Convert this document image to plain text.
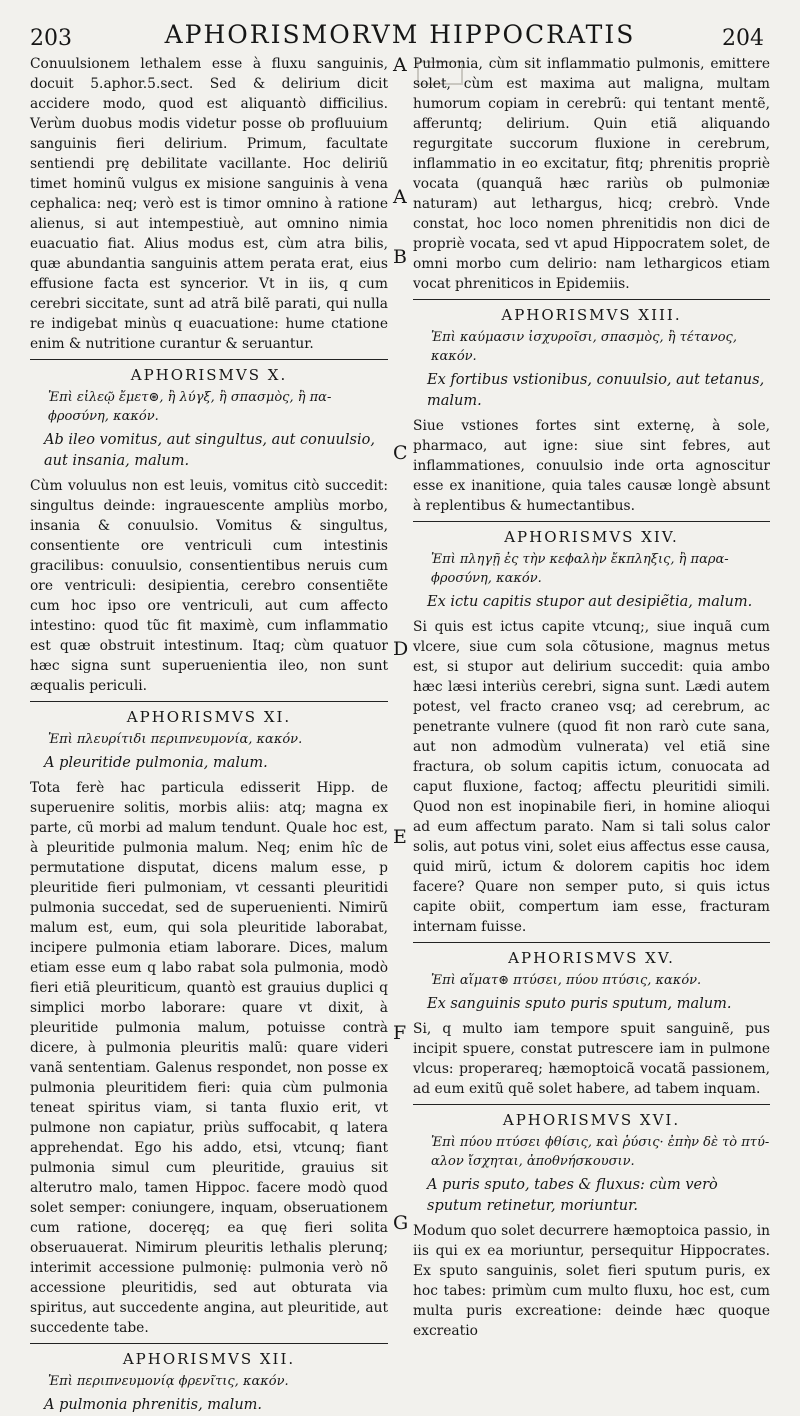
203	APHORISMORVM HIPPOCRATIS	204

Conuulsionem lethalem esse à fluxu sanguinis, docuit 5.aphor.5.sect. Sed & delirium dicit accidere modo, quod est aliquantò difficilius. Verùm duobus modis videtur posse ob profluuium sanguinis fieri delirium. Primum, facultate sentiendi prę debilitate vacillante. Hoc deliriũ timet hominũ vulgus ex misione sanguinis à vena cephalica: neq; verò est is timor omnino à ratione alienus, si aut intempestiuè, aut omnino nimia euacuatio fiat. Alius modus est, cùm atra bilis, quæ abundantia sanguinis attem perata erat, eius effusione facta est syncerior. Vt in iis, q cum cerebri siccitate, sunt ad atrã bilẽ parati, qui nulla re indigebat minùs q euacuatione: hume ctatione enim & nutritione curantur & seruantur.

APHORISMVS X.
Ἐπὶ εἰλεῷ ἔμετ⊛, ἢ λύγξ, ἢ σπασμὸς, ἢ πα- ϕροσύνη, κακόν.
Ab ileo vomitus, aut singultus, aut conuulsio, aut insania, malum.

Cùm voluulus non est leuis, vomitus citò succedit: singultus deinde: ingrauescente ampliùs morbo, insania & conuulsio. Vomitus & singultus, consentiente ore ventriculi cum intestinis gracilibus: conuulsio, consentientibus neruis cum ore ventriculi: desipientia, cerebro consentiẽte cum hoc ipso ore ventriculi, aut cum affecto intestino: quod tũc fit maximè, cum inflammatio est quæ obstruit intestinum. Itaq; cùm quatuor hæc signa sunt superuenientia ileo, non sunt æqualis periculi.

APHORISMVS XI.
Ἐπὶ πλευρίτιδι περιπνευμονία, κακόν.
A pleuritide pulmonia, malum.

Tota ferè hac particula edisserit Hipp. de superuenire solitis, morbis aliis: atq; magna ex parte, cũ morbi ad malum tendunt. Quale hoc est, à pleuritide pulmonia malum. Neq; enim hîc de permutatione disputat, dicens malum esse, p pleuritide fieri pulmoniam, vt cessanti pleuritidi pulmonia succedat, sed de superuenienti. Nimirũ malum est, eum, qui sola pleuritide laborabat, incipere pulmonia etiam laborare. Dices, malum etiam esse eum q labo rabat sola pulmonia, modò fieri etiã pleuriticum, quantò est grauius duplici q simplici morbo laborare: quare vt dixit, à pleuritide pulmonia malum, potuisse contrà dicere, à pulmonia pleuritis malũ: quare videri vanã sententiam. Galenus respondet, non posse ex pulmonia pleuritidem fieri: quia cùm pulmonia teneat spiritus viam, si tanta fluxio erit, vt pulmone non capiatur, priùs suffocabit, q latera apprehendat. Ego his addo, etsi, vtcunq; fiant pulmonia simul cum pleuritide, grauius sit alterutro malo, tamen Hippoc. facere modò quod solet semper: coniungere, inquam, obseruationem cum ratione, doceręq; ea quę fieri solita obseruauerat. Nimirum pleuritis lethalis plerunq; interimit accessione pulmonię: pulmonia verò nõ accessione pleuritidis, sed aut obturata via spiritus, aut succedente angina, aut pleuritide, aut succedente tabe.

APHORISMVS XII.
Ἐπὶ περιπνευμονίᾳ ϕρενῖτις, κακόν.
A pulmonia phrenitis, malum.
A
A
B
C
D
E
F
G

Pulmonia, cùm sit inflammatio pulmonis, emittere solet, cùm est maxima aut maligna, multam humorum copiam in cerebrũ: qui tentant mentẽ, afferuntq; delirium. Quin etiã aliquando regurgitate succorum fluxione in cerebrum, inflammatio in eo excitatur, fitq; phrenitis propriè vocata (quanquã hæc rariùs ob pulmoniæ naturam) aut lethargus, hicq; crebrò. Vnde constat, hoc loco nomen phrenitidis non dici de propriè vocata, sed vt apud Hippocratem solet, de omni morbo cum delirio: nam lethargicos etiam vocat phreniticos in Epidemiis.

APHORISMVS XIII.
Ἐπὶ καύμασιν ἰσχυροῖσι, σπασμὸς, ἢ τέτανος, κακόν.
Ex fortibus vstionibus, conuulsio, aut tetanus, malum.

Siue vstiones fortes sint externę, à sole, pharmaco, aut igne: siue sint febres, aut inflammationes, conuulsio inde orta agnoscitur esse ex inanitione, quia tales causæ longè absunt à replentibus & humectantibus.

APHORISMVS XIV.
Ἐπὶ πληγῇ ἐς τὴν κεϕαλὴν ἔκπληξις, ἢ παρα- ϕροσύνη, κακόν.
Ex ictu capitis stupor aut desipiẽtia, malum.

Si quis est ictus capite vtcunq;, siue inquã cum vlcere, siue cum sola cõtusione, magnus metus est, si stupor aut delirium succedit: quia ambo hæc læsi interiùs cerebri, signa sunt. Lædi autem potest, vel fracto craneo vsq; ad cerebrum, ac penetrante vulnere (quod fit non rarò cute sana, aut non admodùm vulnerata) vel etiã sine fractura, ob solum capitis ictum, conuocata ad caput fluxione, factoq; affectu pleuritidi simili. Quod non est inopinabile fieri, in homine alioqui ad eum affectum parato. Nam si tali solus calor solis, aut potus vini, solet eius affectus esse causa, quid mirũ, ictum & dolorem capitis hoc idem facere? Quare non semper puto, si quis ictus capite obiit, compertum iam esse, fracturam internam fuisse.

APHORISMVS XV.
Ἐπὶ αἵματ⊛ πτύσει, πύου πτύσις, κακόν.
Ex sanguinis sputo puris sputum, malum.

Si, q multo iam tempore spuit sanguinẽ, pus incipit spuere, constat putrescere iam in pulmone vlcus: properareq; hæmoptoicã vocatã passionem, ad eum exitũ quẽ solet habere, ad tabem inquam.

APHORISMVS XVI.
Ἐπὶ πύου πτύσει ϕθίσις, καὶ ῥύσις· ἐπὴν δὲ τὸ πτύ- αλον ἴσχηται, ἀποθνήσκουσιν.
A puris sputo, tabes & fluxus: cùm verò sputum retinetur, moriuntur.

Modum quo solet decurrere hæmoptoica passio, in iis qui ex ea moriuntur, persequitur Hippocrates. Ex sputo sanguinis, solet fieri sputum puris, ex hoc tabes: primùm cum multo fluxu, hoc est, cum multa puris excreatione: deinde hæc quoque excreatio
